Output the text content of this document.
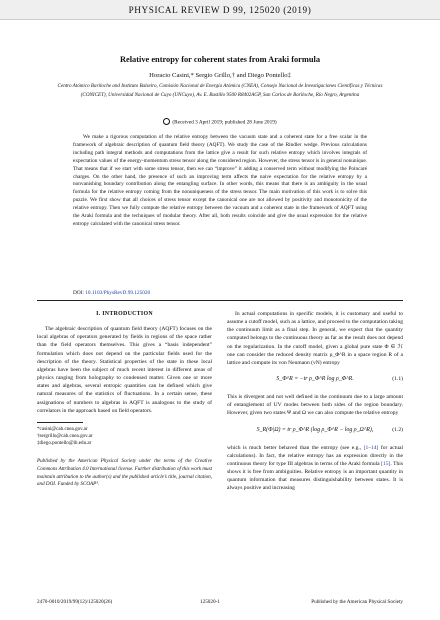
PHYSICAL REVIEW D 99, 125020 (2019)
Relative entropy for coherent states from Araki formula
Horacio Casini,* Sergio Grillo,† and Diego Pontello‡
Centro Atómico Bariloche and Instituto Balseiro, Comisión Nacional de Energía Atómica (CNEA), Consejo Nacional de Investigaciones Científicas y Técnicas (CONICET), Universidad Nacional de Cuyo (UNCuyo), Av. E. Bustillo 9500 R8402AGP, San Carlos de Bariloche, Río Negro, Argentina
(Received 3 April 2019; published 28 June 2019)
We make a rigorous computation of the relative entropy between the vacuum state and a coherent state for a free scalar in the framework of algebraic description of quantum field theory (AQFT). We study the case of the Rindler wedge. Previous calculations including path integral methods and computations from the lattice give a result for such relative entropy which involves integrals of expectation values of the energy-momentum stress tensor along the considered region. However, the stress tensor is in general nonunique. That means that if we start with some stress tensor, then we can “improve” it adding a conserved term without modifying the Poincaré charges. On the other hand, the presence of such an improving term affects the naive expectation for the relative entropy by a nonvanishing boundary contribution along the entangling surface. In other words, this means that there is an ambiguity in the usual formula for the relative entropy coming from the nonuniqueness of the stress tensor. The main motivation of this work is to solve this puzzle. We first show that all choices of stress tensor except the canonical one are not allowed by positivity and monotonicity of the relative entropy. Then we fully compute the relative entropy between the vacuum and a coherent state in the framework of AQFT using the Araki formula and the techniques of modular theory. After all, both results coincide and give the usual expression for the relative entropy calculated with the canonical stress tensor.
DOI: 10.1103/PhysRevD.99.125020
I. INTRODUCTION

The algebraic description of quantum field theory (AQFT) focuses on the local algebras of operators generated by fields in regions of the space rather than the field operators themselves. This gives a “basis independent” formulation which does not depend on the particular fields used for the description of the theory. Statistical properties of the state in these local algebras have been the subject of much recent interest in different areas of physics ranging from holography to condensed matter. Given one or more states and algebras, several entropic quantities can be defined which give natural measures of the statistics of fluctuations. In a certain sense, these assignations of numbers to algebras in AQFT is analogous to the study of correlators in the approach based on field operators.

*casini@cab.cnea.gov.ar

†sergrillo@cab.cnea.gov.ar

‡diego.pontello@ib.edu.ar

Published by the American Physical Society under the terms of the Creative Commons Attribution 4.0 International license. Further distribution of this work must maintain attribution to the author(s) and the published article’s title, journal citation, and DOI. Funded by SCOAP³.

In actual computations in specific models, it is customary and useful to assume a cutoff model, such as a lattice, and proceed to the computation taking the continuum limit as a final step. In general, we expect that the quantity computed belongs to the continuous theory as far as the result does not depend on the regularization. In the cutoff model, given a global pure state Φ ∈ ℋ one can consider the reduced density matrix ρ_Φ^R in a space region R of a lattice and compute its von Neumann (vN) entropy

S_Φ^R = −tr ρ_Φ^R log ρ_Φ^R.	(1.1)

This is divergent and not well defined in the continuum due to a large amount of entanglement of UV modes between both sides of the region boundary. However, given two states Ψ and Ω we can also compute the relative entropy

S_R(Φ|Ω) = tr ρ_Φ^R (log ρ_Φ^R − log ρ_Ω^R),	(1.2)

which is much better behaved than the entropy (see e.g., [1–14] for actual calculations). In fact, the relative entropy has an expression directly in the continuous theory for type III algebras in terms of the Araki formula [15]. This shows it is free from ambiguities. Relative entropy is an important quantity in quantum information that measures distinguishability between states. It is always positive and increasing

2470-0010/2019/99(12)/125020(26)	125020-1	Published by the American Physical Society
